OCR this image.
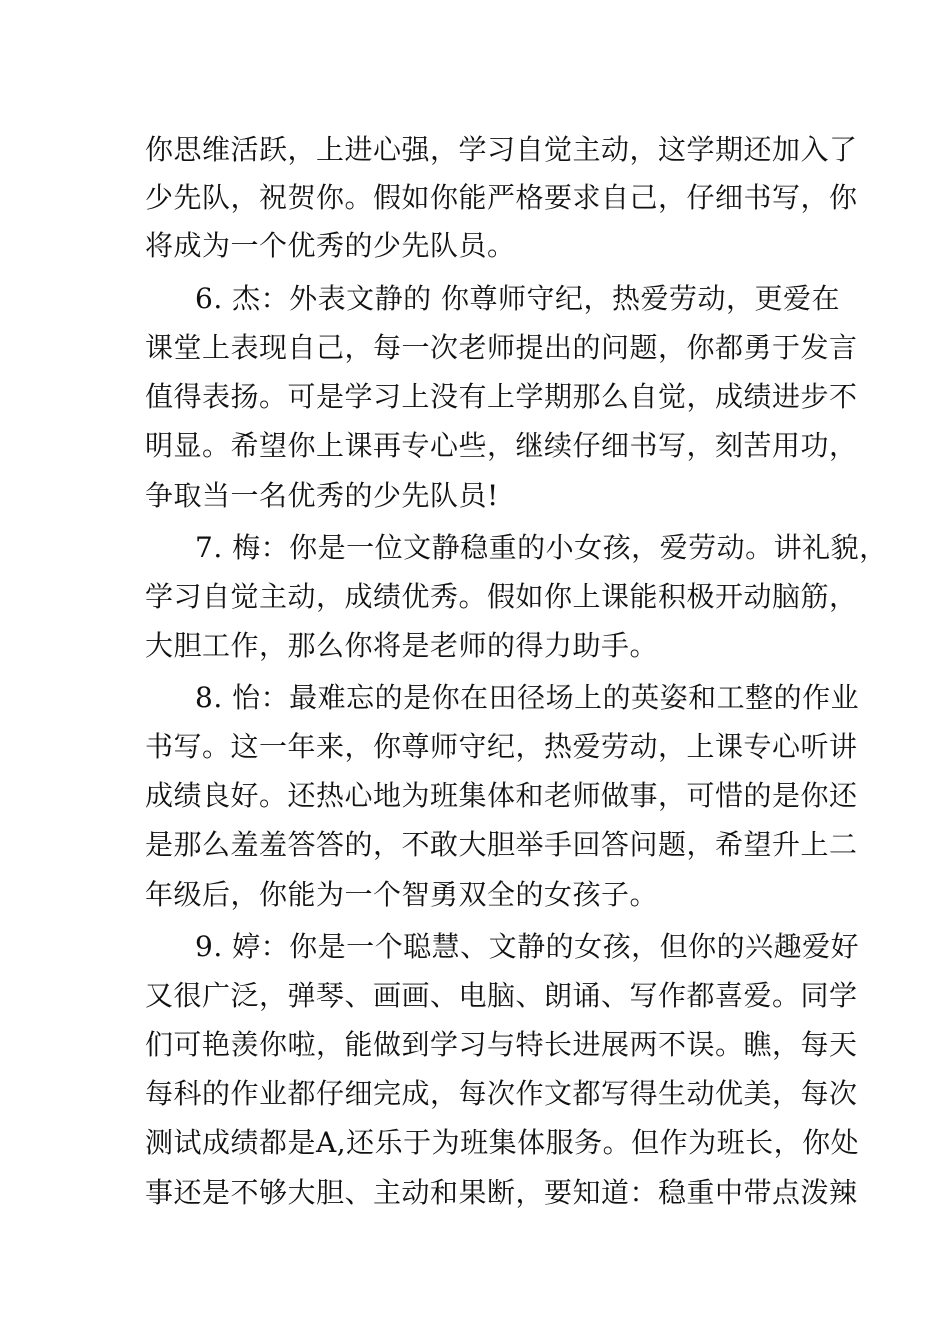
你思维活跃，上进心强，学习自觉主动，这学期还加入了
少先队，祝贺你。假如你能严格要求自己，仔细书写，你
将成为一个优秀的少先队员。
6. 杰：外表文静的 你尊师守纪，热爱劳动，更爱在
课堂上表现自己，每一次老师提出的问题，你都勇于发言
值得表扬。可是学习上没有上学期那么自觉，成绩进步不
明显。希望你上课再专心些，继续仔细书写，刻苦用功，
争取当一名优秀的少先队员!
7. 梅：你是一位文静稳重的小女孩，爱劳动。讲礼貌，
学习自觉主动，成绩优秀。假如你上课能积极开动脑筋，
大胆工作，那么你将是老师的得力助手。
8. 怡：最难忘的是你在田径场上的英姿和工整的作业
书写。这一年来，你尊师守纪，热爱劳动，上课专心听讲
成绩良好。还热心地为班集体和老师做事，可惜的是你还
是那么羞羞答答的，不敢大胆举手回答问题，希望升上二
年级后，你能为一个智勇双全的女孩子。
9. 婷：你是一个聪慧、文静的女孩，但你的兴趣爱好
又很广泛，弹琴、画画、电脑、朗诵、写作都喜爱。同学
们可艳羡你啦，能做到学习与特长进展两不误。瞧，每天
每科的作业都仔细完成，每次作文都写得生动优美，每次
测试成绩都是A,还乐于为班集体服务。但作为班长，你处
事还是不够大胆、主动和果断，要知道：稳重中带点泼辣
